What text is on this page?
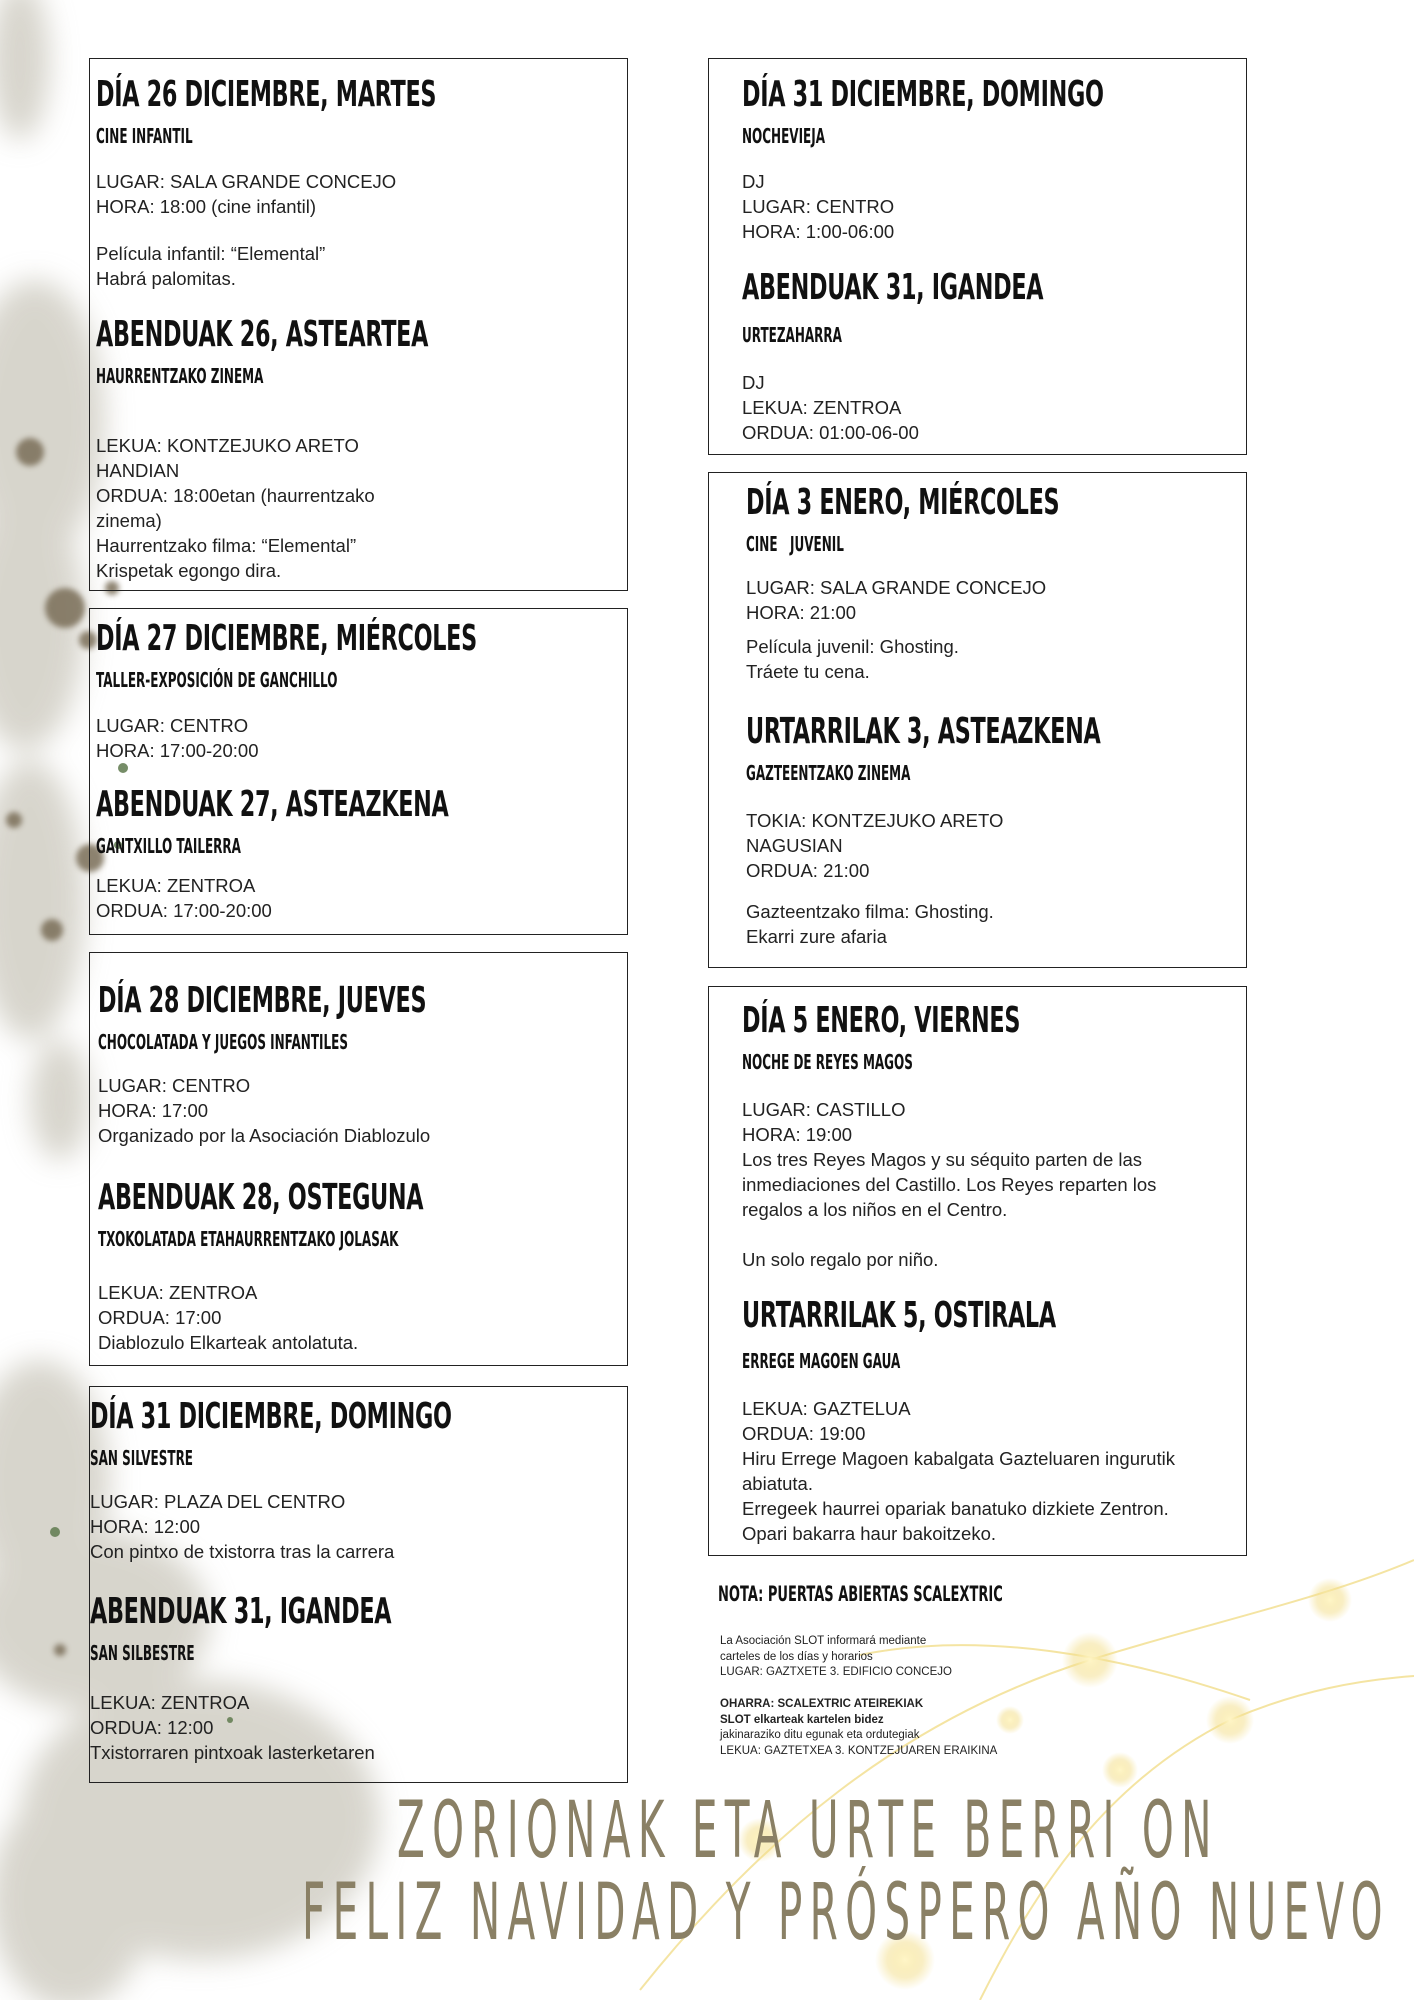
DÍA 26 DICIEMBRE, MARTES
CINE INFANTIL
LUGAR: SALA GRANDE CONCEJO
HORA: 18:00 (cine infantil)
Película infantil: “Elemental”
Habrá palomitas.
ABENDUAK 26, ASTEARTEA
HAURRENTZAKO ZINEMA
LEKUA: KONTZEJUKO ARETO
HANDIAN
ORDUA: 18:00etan (haurrentzako
zinema)
Haurrentzako filma: “Elemental”
Krispetak egongo dira.
DÍA 27 DICIEMBRE, MIÉRCOLES
TALLER-EXPOSICIÓN DE GANCHILLO
LUGAR: CENTRO
HORA: 17:00-20:00
ABENDUAK 27, ASTEAZKENA
GANTXILLO TAILERRA
LEKUA: ZENTROA
ORDUA: 17:00-20:00
DÍA 28 DICIEMBRE, JUEVES
CHOCOLATADA Y JUEGOS INFANTILES
LUGAR: CENTRO
HORA: 17:00
Organizado por la Asociación Diablozulo
ABENDUAK 28, OSTEGUNA
TXOKOLATADA ETAHAURRENTZAKO JOLASAK
LEKUA: ZENTROA
ORDUA: 17:00
Diablozulo Elkarteak antolatuta.
DÍA 31 DICIEMBRE, DOMINGO
SAN SILVESTRE
LUGAR: PLAZA DEL CENTRO
HORA: 12:00
Con pintxo de txistorra tras la carrera
ABENDUAK 31, IGANDEA
SAN SILBESTRE
LEKUA: ZENTROA
ORDUA: 12:00
Txistorraren pintxoak lasterketaren
DÍA 31 DICIEMBRE, DOMINGO
NOCHEVIEJA
DJ
LUGAR: CENTRO
HORA: 1:00-06:00
ABENDUAK 31, IGANDEA
URTEZAHARRA
DJ
LEKUA: ZENTROA
ORDUA: 01:00-06-00
DÍA 3 ENERO, MIÉRCOLES
CINE   JUVENIL
LUGAR: SALA GRANDE CONCEJO
HORA: 21:00
Película juvenil: Ghosting.
Tráete tu cena.
URTARRILAK 3, ASTEAZKENA
GAZTEENTZAKO ZINEMA
TOKIA: KONTZEJUKO ARETO
NAGUSIAN
ORDUA: 21:00
Gazteentzako filma: Ghosting.
Ekarri zure afaria
DÍA 5 ENERO, VIERNES
NOCHE DE REYES MAGOS
LUGAR: CASTILLO
HORA: 19:00
Los tres Reyes Magos y su séquito parten de las
inmediaciones del Castillo. Los Reyes reparten los
regalos a los niños en el Centro.
Un solo regalo por niño.
URTARRILAK 5, OSTIRALA
ERREGE MAGOEN GAUA
LEKUA: GAZTELUA
ORDUA: 19:00
Hiru Errege Magoen kabalgata Gazteluaren ingurutik
abiatuta.
Erregeek haurrei opariak banatuko dizkiete Zentron.
Opari bakarra haur bakoitzeko.
NOTA: PUERTAS ABIERTAS SCALEXTRIC
La Asociación SLOT informará mediante
carteles de los días y horarios
LUGAR: GAZTXETE 3. EDIFICIO CONCEJO
OHARRA: SCALEXTRIC ATEIREKIAK
SLOT elkarteak kartelen bidez
jakinaraziko ditu egunak eta ordutegiak
LEKUA: GAZTETXEA 3. KONTZEJUAREN ERAIKINA
ZORIONAK ETA URTE BERRI ON
FELIZ NAVIDAD Y PRÓSPERO AÑO NUEVO
